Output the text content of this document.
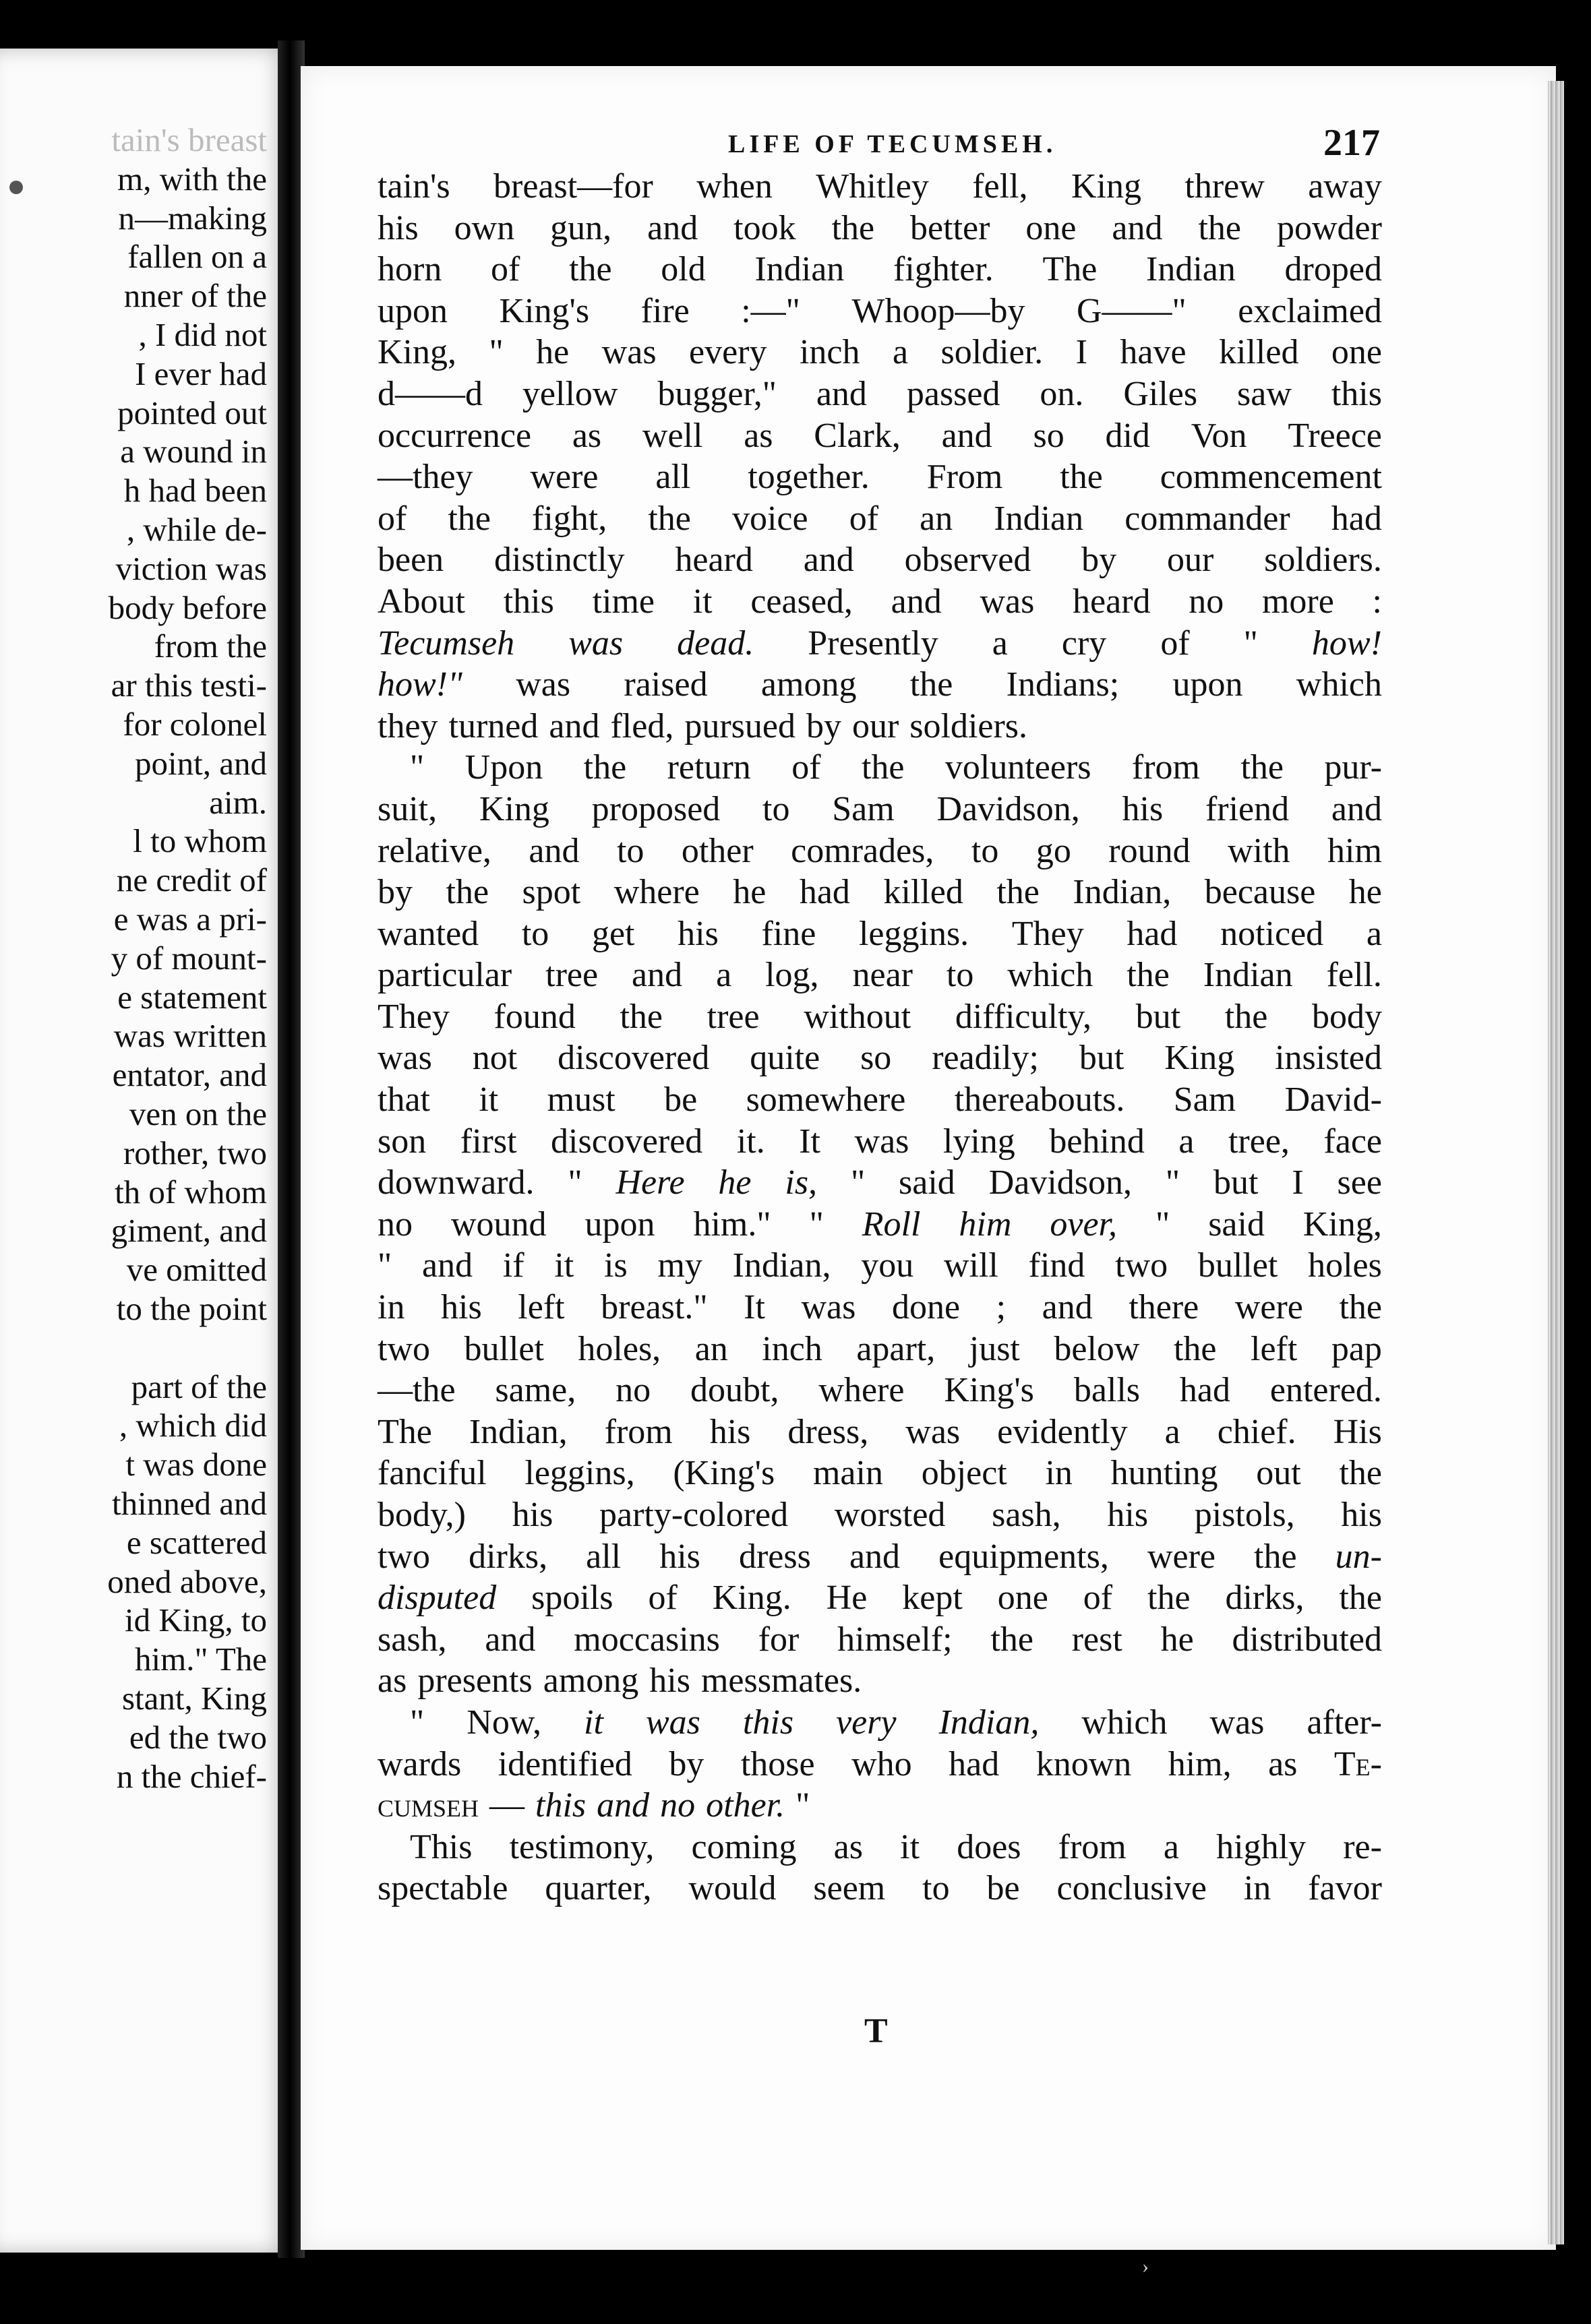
tain's breast
m, with the
n—making
fallen on a
nner of the
, I did not
I ever had
pointed out
a wound in
h had been
, while de-
viction was
body before
from the
ar this testi-
for colonel
point, and
aim.
l to whom
ne credit of
e was a pri-
y of mount-
e statement
was written
entator, and
ven on the
rother, two
th of whom
giment, and
ve omitted
to the point
part of the
, which did
t was done
thinned and
e scattered
oned above,
id King, to
him." The
stant, King
ed the two
n the chief-
LIFE OF TECUMSEH.	217
tain's breast—for when Whitley fell, King threw away
his own gun, and took the better one and the powder
horn of the old Indian fighter. The Indian droped
upon King's fire :—" Whoop—by G——" exclaimed
King, " he was every inch a soldier. I have killed one
d——d yellow bugger," and passed on. Giles saw this
occurrence as well as Clark, and so did Von Treece
—they were all together. From the commencement
of the fight, the voice of an Indian commander had
been distinctly heard and observed by our soldiers.
About this time it ceased, and was heard no more :
Tecumseh was dead. Presently a cry of " how!
how!" was raised among the Indians; upon which
they turned and fled, pursued by our soldiers.
" Upon the return of the volunteers from the pur-
suit, King proposed to Sam Davidson, his friend and
relative, and to other comrades, to go round with him
by the spot where he had killed the Indian, because he
wanted to get his fine leggins. They had noticed a
particular tree and a log, near to which the Indian fell.
They found the tree without difficulty, but the body
was not discovered quite so readily; but King insisted
that it must be somewhere thereabouts. Sam David-
son first discovered it. It was lying behind a tree, face
downward. " Here he is, " said Davidson, " but I see
no wound upon him." " Roll him over, " said King,
" and if it is my Indian, you will find two bullet holes
in his left breast." It was done ; and there were the
two bullet holes, an inch apart, just below the left pap
—the same, no doubt, where King's balls had entered.
The Indian, from his dress, was evidently a chief. His
fanciful leggins, (King's main object in hunting out the
body,) his party-colored worsted sash, his pistols, his
two dirks, all his dress and equipments, were the un-
disputed spoils of King. He kept one of the dirks, the
sash, and moccasins for himself; the rest he distributed
as presents among his messmates.
" Now, it was this very Indian, which was after-
wards identified by those who had known him, as Te-
cumseh — this and no other. "
This testimony, coming as it does from a highly re-
spectable quarter, would seem to be conclusive in favor
T
›
